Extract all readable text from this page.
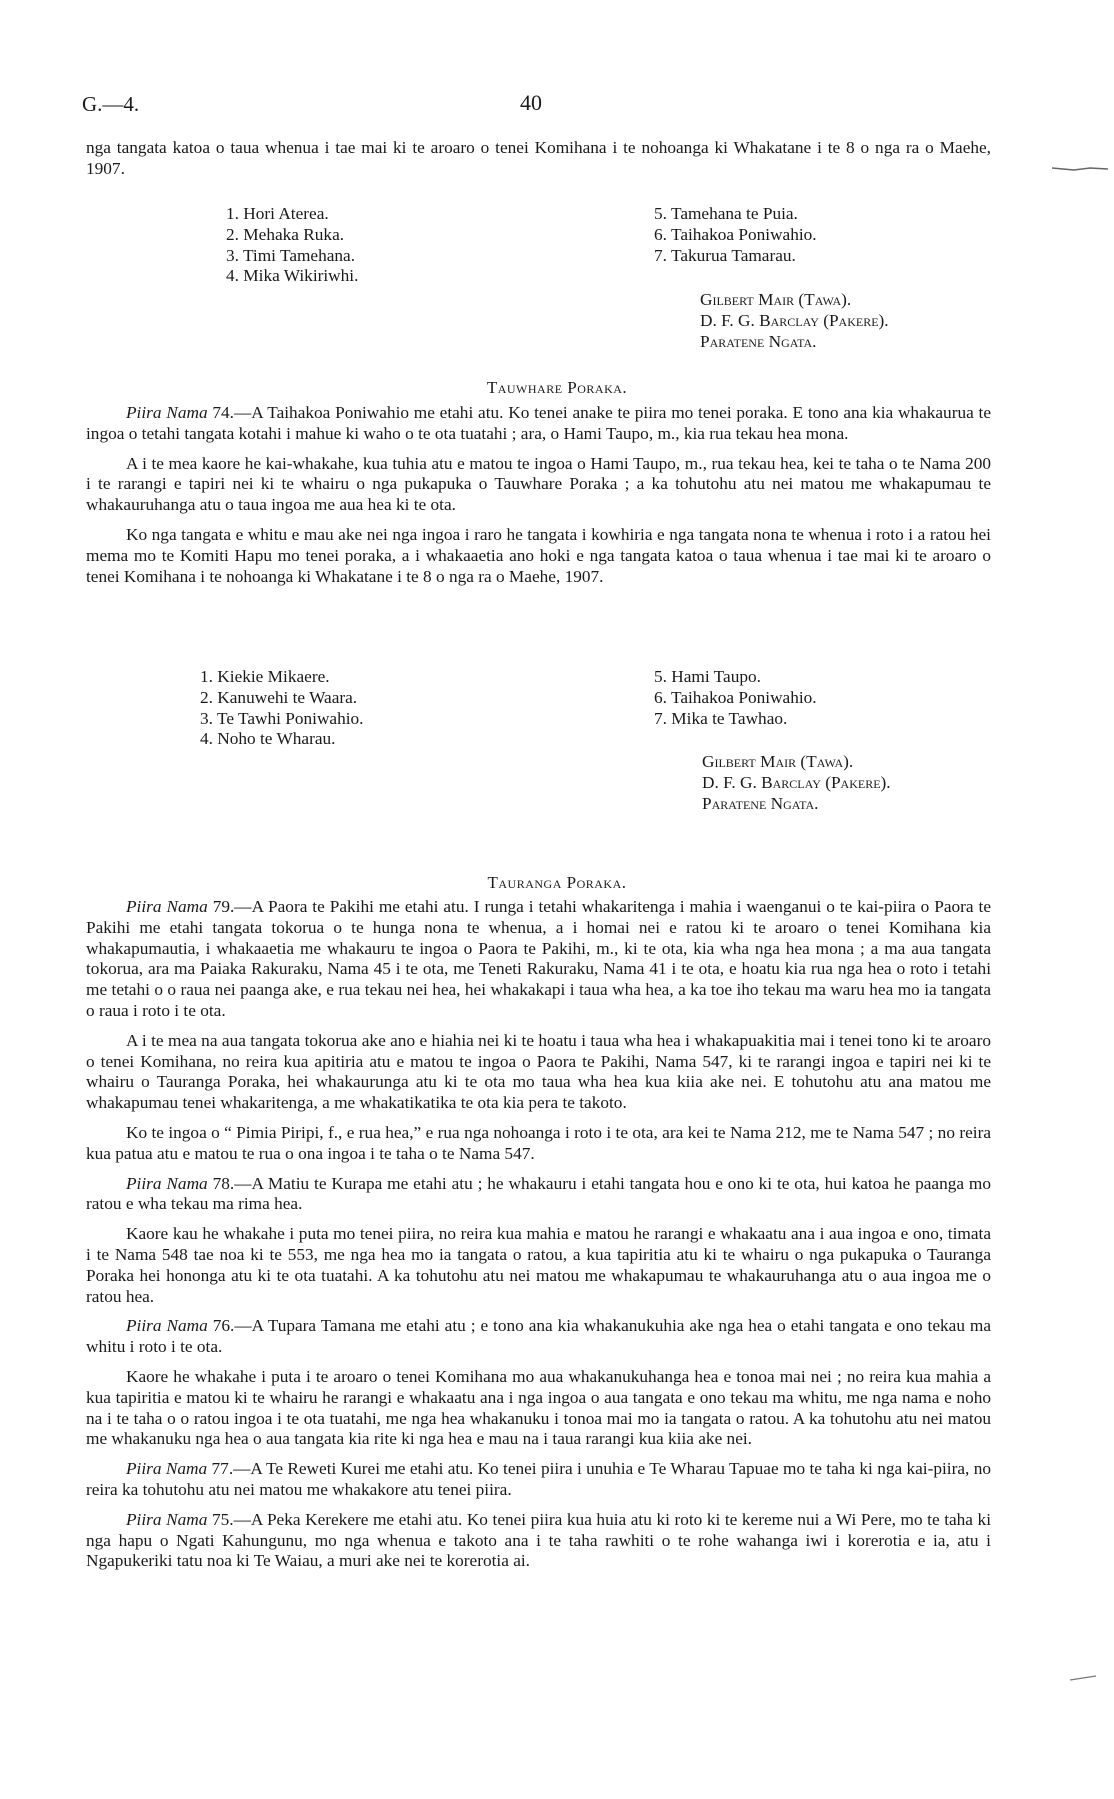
G.—4.	40

nga tangata katoa o taua whenua i tae mai ki te aroaro o tenei Komihana i te nohoanga ki Whakatane i te 8 o nga ra o Maehe, 1907.

1. Hori Aterea.
2. Mehaka Ruka.
3. Timi Tamehana.
4. Mika Wikiriwhi.
5. Tamehana te Puia.
6. Taihakoa Poniwahio.
7. Takurua Tamarau.
Gilbert Mair (Tawa).
D. F. G. Barclay (Pakere).
Paratene Ngata.
Tauwhare Poraka.

Piira Nama 74.—A Taihakoa Poniwahio me etahi atu. Ko tenei anake te piira mo tenei poraka. E tono ana kia whakaurua te ingoa o tetahi tangata kotahi i mahue ki waho o te ota tuatahi ; ara, o Hami Taupo, m., kia rua tekau hea mona.

A i te mea kaore he kai-whakahe, kua tuhia atu e matou te ingoa o Hami Taupo, m., rua tekau hea, kei te taha o te Nama 200 i te rarangi e tapiri nei ki te whairu o nga pukapuka o Tauwhare Poraka ; a ka tohutohu atu nei matou me whakapumau te whakauruhanga atu o taua ingoa me aua hea ki te ota.

Ko nga tangata e whitu e mau ake nei nga ingoa i raro he tangata i kowhiria e nga tangata nona te whenua i roto i a ratou hei mema mo te Komiti Hapu mo tenei poraka, a i whakaaetia ano hoki e nga tangata katoa o taua whenua i tae mai ki te aroaro o tenei Komihana i te nohoanga ki Whakatane i te 8 o nga ra o Maehe, 1907.

1. Kiekie Mikaere.
2. Kanuwehi te Waara.
3. Te Tawhi Poniwahio.
4. Noho te Wharau.
5. Hami Taupo.
6. Taihakoa Poniwahio.
7. Mika te Tawhao.
Gilbert Mair (Tawa).
D. F. G. Barclay (Pakere).
Paratene Ngata.
Tauranga Poraka.

Piira Nama 79.—A Paora te Pakihi me etahi atu. I runga i tetahi whakaritenga i mahia i waenganui o te kai-piira o Paora te Pakihi me etahi tangata tokorua o te hunga nona te whenua, a i homai nei e ratou ki te aroaro o tenei Komihana kia whakapumautia, i whakaaetia me whakauru te ingoa o Paora te Pakihi, m., ki te ota, kia wha nga hea mona ; a ma aua tangata tokorua, ara ma Paiaka Rakuraku, Nama 45 i te ota, me Teneti Rakuraku, Nama 41 i te ota, e hoatu kia rua nga hea o roto i tetahi me tetahi o o raua nei paanga ake, e rua tekau nei hea, hei whakakapi i taua wha hea, a ka toe iho tekau ma waru hea mo ia tangata o raua i roto i te ota.

A i te mea na aua tangata tokorua ake ano e hiahia nei ki te hoatu i taua wha hea i whakapuakitia mai i tenei tono ki te aroaro o tenei Komihana, no reira kua apitiria atu e matou te ingoa o Paora te Pakihi, Nama 547, ki te rarangi ingoa e tapiri nei ki te whairu o Tauranga Poraka, hei whakaurunga atu ki te ota mo taua wha hea kua kiia ake nei. E tohutohu atu ana matou me whakapumau tenei whakaritenga, a me whakatikatika te ota kia pera te takoto.

Ko te ingoa o “ Pimia Piripi, f., e rua hea,” e rua nga nohoanga i roto i te ota, ara kei te Nama 212, me te Nama 547 ; no reira kua patua atu e matou te rua o ona ingoa i te taha o te Nama 547.

Piira Nama 78.—A Matiu te Kurapa me etahi atu ; he whakauru i etahi tangata hou e ono ki te ota, hui katoa he paanga mo ratou e wha tekau ma rima hea.

Kaore kau he whakahe i puta mo tenei piira, no reira kua mahia e matou he rarangi e whakaatu ana i aua ingoa e ono, timata i te Nama 548 tae noa ki te 553, me nga hea mo ia tangata o ratou, a kua tapiritia atu ki te whairu o nga pukapuka o Tauranga Poraka hei hononga atu ki te ota tuatahi. A ka tohutohu atu nei matou me whakapumau te whakauruhanga atu o aua ingoa me o ratou hea.

Piira Nama 76.—A Tupara Tamana me etahi atu ; e tono ana kia whakanukuhia ake nga hea o etahi tangata e ono tekau ma whitu i roto i te ota.

Kaore he whakahe i puta i te aroaro o tenei Komihana mo aua whakanukuhanga hea e tonoa mai nei ; no reira kua mahia a kua tapiritia e matou ki te whairu he rarangi e whakaatu ana i nga ingoa o aua tangata e ono tekau ma whitu, me nga nama e noho na i te taha o o ratou ingoa i te ota tuatahi, me nga hea whakanuku i tonoa mai mo ia tangata o ratou. A ka tohutohu atu nei matou me whakanuku nga hea o aua tangata kia rite ki nga hea e mau na i taua rarangi kua kiia ake nei.

Piira Nama 77.—A Te Reweti Kurei me etahi atu. Ko tenei piira i unuhia e Te Wharau Tapuae mo te taha ki nga kai-piira, no reira ka tohutohu atu nei matou me whakakore atu tenei piira.

Piira Nama 75.—A Peka Kerekere me etahi atu. Ko tenei piira kua huia atu ki roto ki te kereme nui a Wi Pere, mo te taha ki nga hapu o Ngati Kahungunu, mo nga whenua e takoto ana i te taha rawhiti o te rohe wahanga iwi i korerotia e ia, atu i Ngapukeriki tatu noa ki Te Waiau, a muri ake nei te korerotia ai.
